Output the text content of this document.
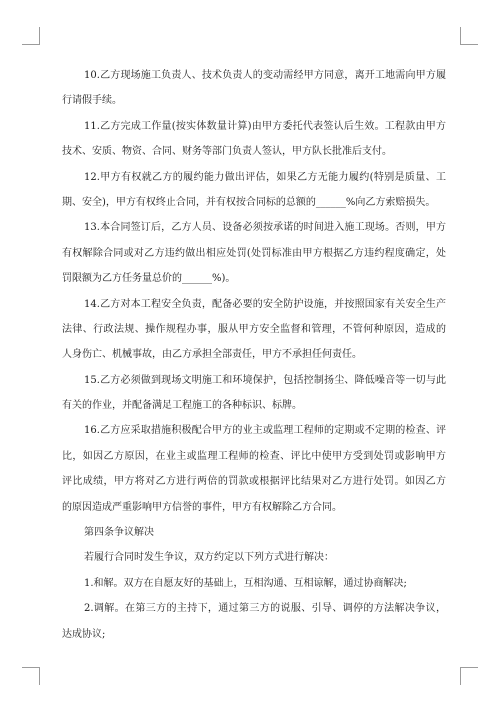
10.乙方现场施工负责人、技术负责人的变动需经甲方同意，离开工地需向甲方履
行请假手续。
11.乙方完成工作量(按实体数量计算)由甲方委托代表签认后生效。工程款由甲方
技术、安质、物资、合同、财务等部门负责人签认，甲方队长批准后支付。
12.甲方有权就乙方的履约能力做出评估，如果乙方无能力履约(特别是质量、工
期、安全)，甲方有权终止合同，并有权按合同标的总额的______%向乙方索赔损失。
13.本合同签订后，乙方人员、设备必须按承诺的时间进入施工现场。否则，甲方
有权解除合同或对乙方违约做出相应处罚(处罚标准由甲方根据乙方违约程度确定，处
罚限额为乙方任务量总价的______%)。
14.乙方对本工程安全负责，配备必要的安全防护设施，并按照国家有关安全生产
法律、行政法规、操作规程办事，服从甲方安全监督和管理，不管何种原因，造成的
人身伤亡、机械事故，由乙方承担全部责任，甲方不承担任何责任。
15.乙方必须做到现场文明施工和环境保护，包括控制扬尘、降低噪音等一切与此
有关的作业，并配备满足工程施工的各种标识、标牌。
16.乙方应采取措施积极配合甲方的业主或监理工程师的定期或不定期的检查、评
比，如因乙方原因，在业主或监理工程师的检查、评比中使甲方受到处罚或影响甲方
评比成绩，甲方将对乙方进行两倍的罚款或根据评比结果对乙方进行处罚。如因乙方
的原因造成严重影响甲方信誉的事件，甲方有权解除乙方合同。
第四条争议解决
若履行合同时发生争议，双方约定以下列方式进行解决：
1.和解。双方在自愿友好的基础上，互相沟通、互相谅解，通过协商解决;
2.调解。在第三方的主持下，通过第三方的说服、引导、调停的方法解决争议，
达成协议;
